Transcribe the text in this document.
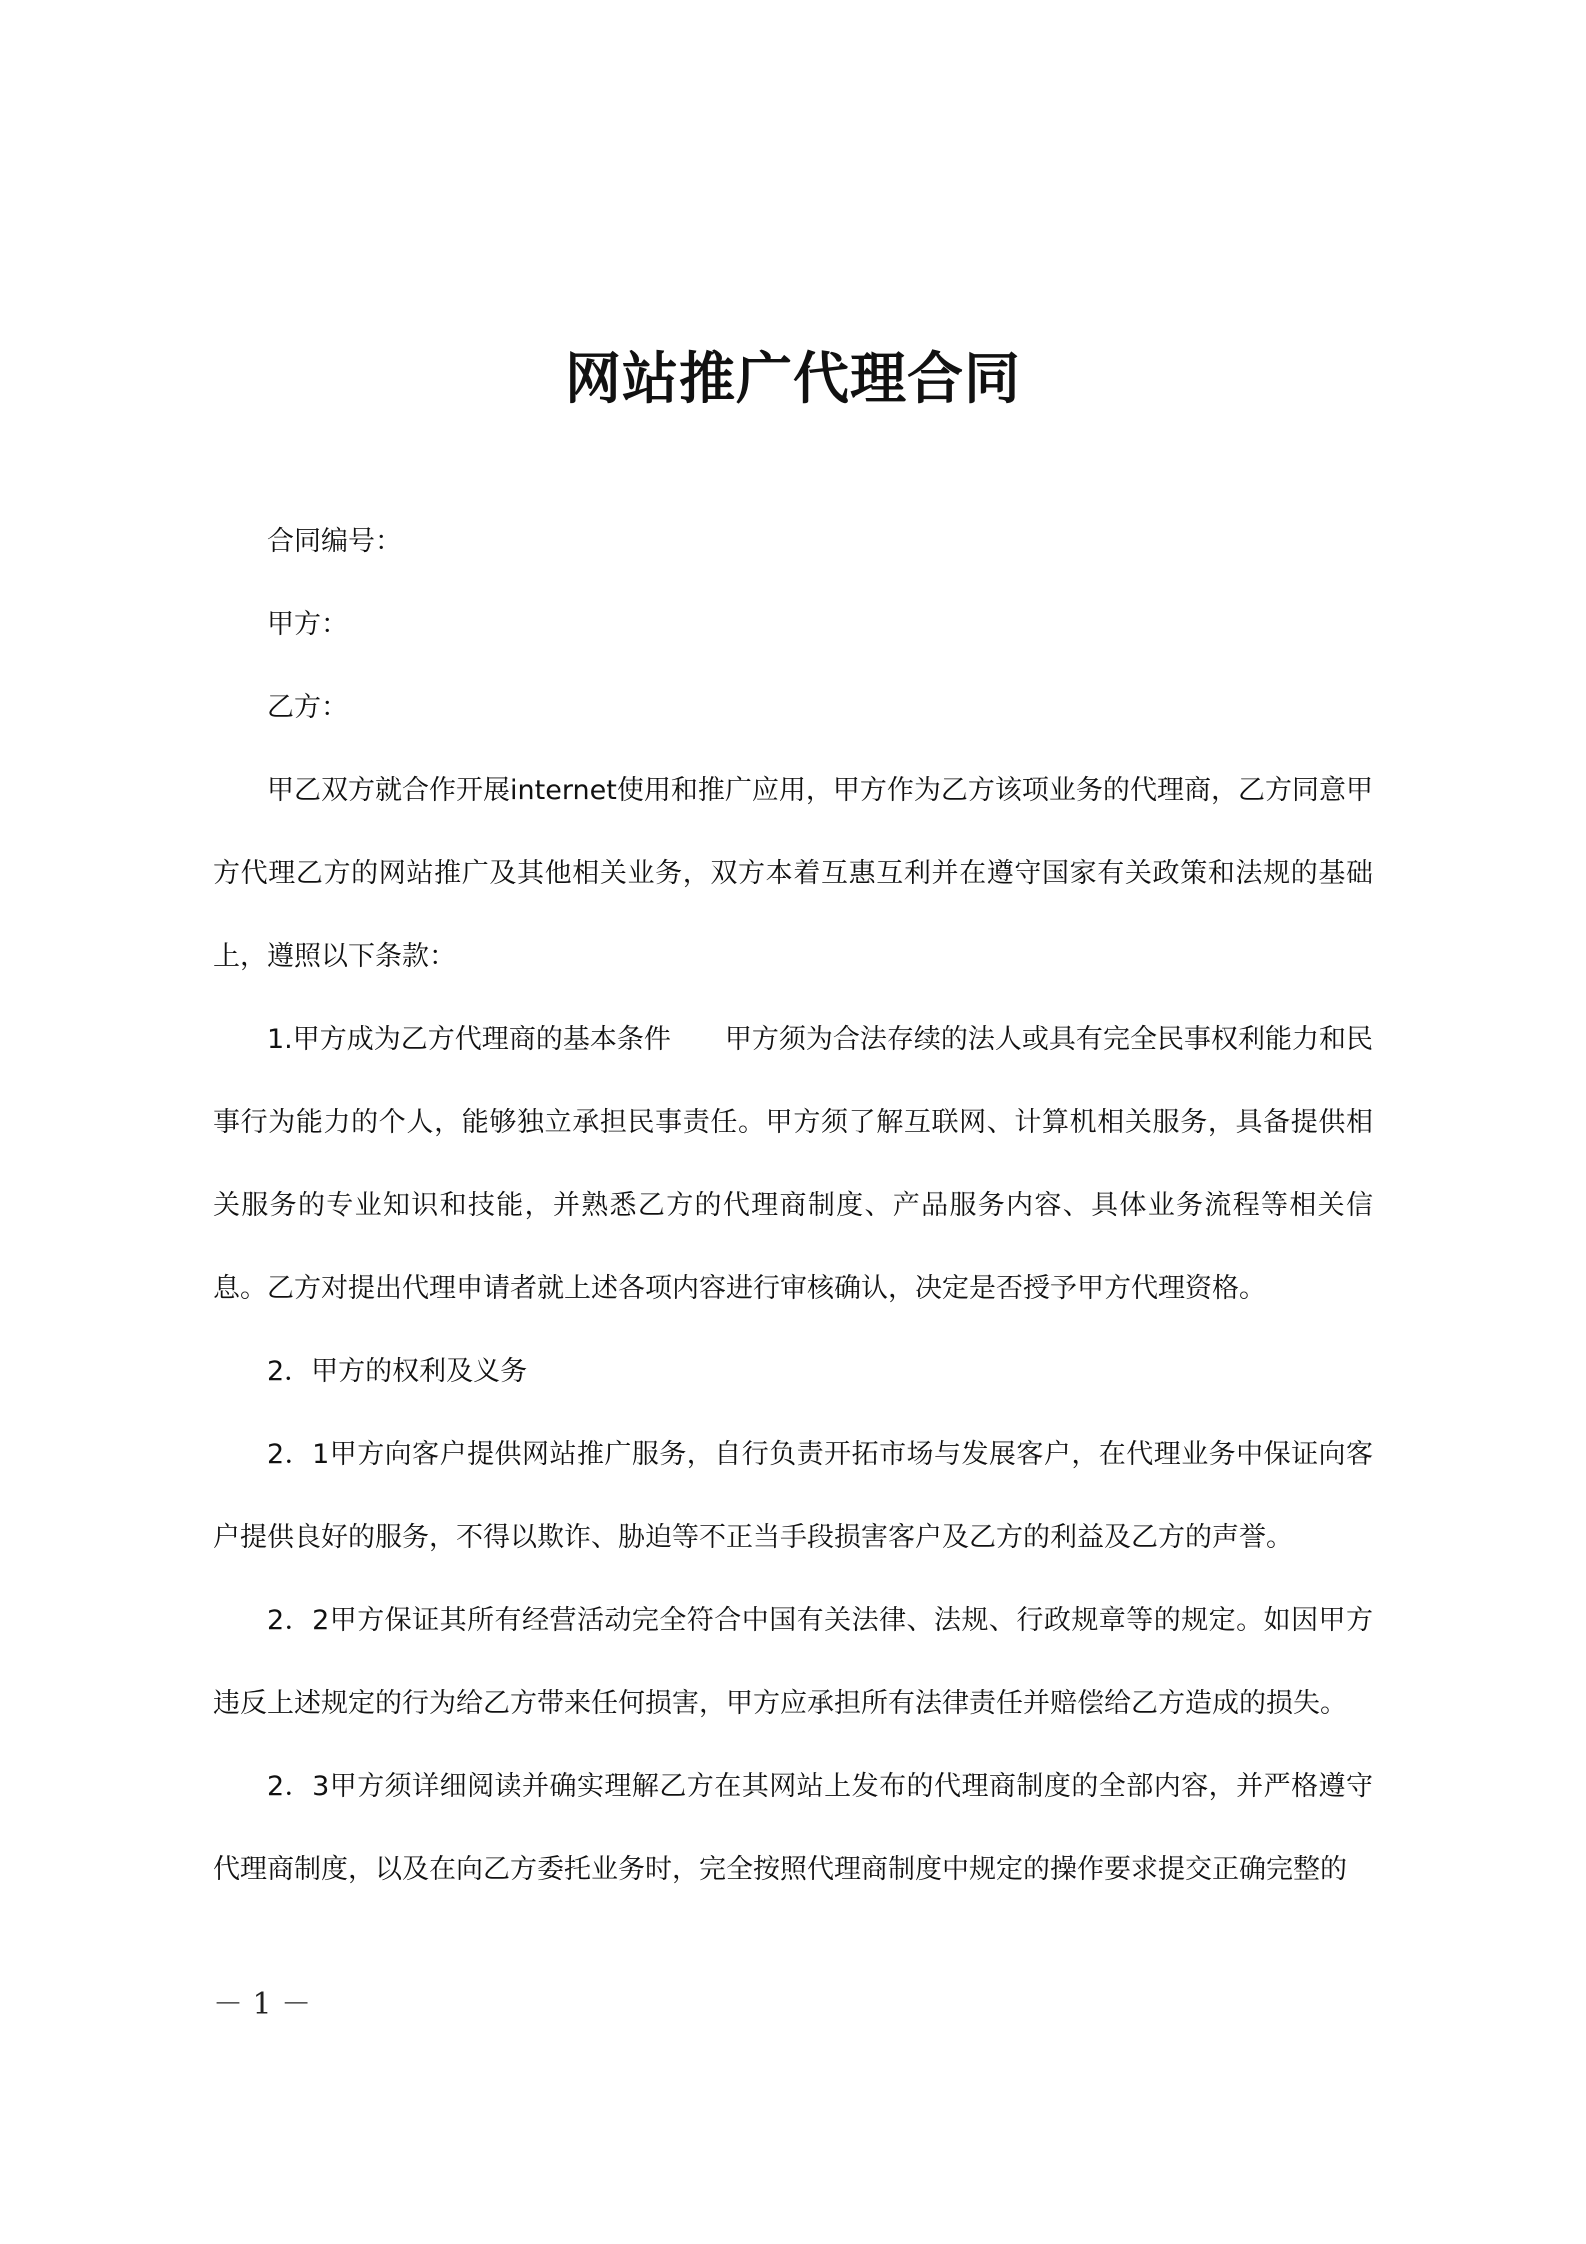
网站推广代理合同

合同编号：

甲方：

乙方：

甲乙双方就合作开展internet使用和推广应用，甲方作为乙方该项业务的代理商，乙方同意甲方代理乙方的网站推广及其他相关业务，双方本着互惠互利并在遵守国家有关政策和法规的基础上，遵照以下条款：

1.甲方成为乙方代理商的基本条件　　甲方须为合法存续的法人或具有完全民事权利能力和民事行为能力的个人，能够独立承担民事责任。甲方须了解互联网、计算机相关服务，具备提供相关服务的专业知识和技能，并熟悉乙方的代理商制度、产品服务内容、具体业务流程等相关信息。乙方对提出代理申请者就上述各项内容进行审核确认，决定是否授予甲方代理资格。

2．甲方的权利及义务

2．1甲方向客户提供网站推广服务，自行负责开拓市场与发展客户，在代理业务中保证向客户提供良好的服务，不得以欺诈、胁迫等不正当手段损害客户及乙方的利益及乙方的声誉。

2．2甲方保证其所有经营活动完全符合中国有关法律、法规、行政规章等的规定。如因甲方违反上述规定的行为给乙方带来任何损害，甲方应承担所有法律责任并赔偿给乙方造成的损失。

2．3甲方须详细阅读并确实理解乙方在其网站上发布的代理商制度的全部内容，并严格遵守代理商制度，以及在向乙方委托业务时，完全按照代理商制度中规定的操作要求提交正确完整的

－ 1 －
